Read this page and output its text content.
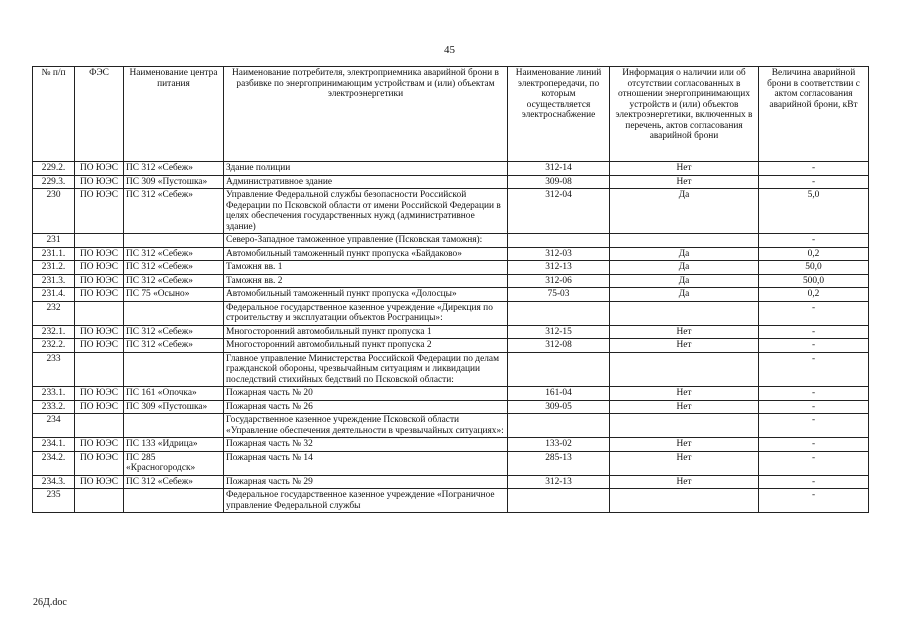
45
№ п/п	ФЭС	Наименование центра питания	Наименование потребителя, электроприемника аварийной брони в разбивке по энергопринимающим устройствам и (или) объектам электроэнергетики	Наименование линий электропередачи, по которым осуществляется электроснабжение	Информация о наличии или об отсутствии согласованных в отношении энергопринимающих устройств и (или) объектов электроэнергетики, включенных в перечень, актов согласования аварийной брони	Величина аварийной брони в соответствии с актом согласования аварийной брони, кВт
229.2.	ПО ЮЭС	ПС 312 «Себеж»	Здание полиции	312-14	Нет	-
229.3.	ПО ЮЭС	ПС 309 «Пустошка»	Административное здание	309-08	Нет	-
230	ПО ЮЭС	ПС 312 «Себеж»	Управление Федеральной службы безопасности Российской Федерации по Псковской области от имени Российской Федерации в целях обеспечения государственных нужд (административное здание)	312-04	Да	5,0
231			Северо-Западное таможенное управление (Псковская таможня):			-
231.1.	ПО ЮЭС	ПС 312 «Себеж»	Автомобильный таможенный пункт пропуска «Байдаково»	312-03	Да	0,2
231.2.	ПО ЮЭС	ПС 312 «Себеж»	Таможня вв. 1	312-13	Да	50,0
231.3.	ПО ЮЭС	ПС 312 «Себеж»	Таможня вв. 2	312-06	Да	500,0
231.4.	ПО ЮЭС	ПС 75 «Осыно»	Автомобильный таможенный пункт пропуска «Долосцы»	75-03	Да	0,2
232			Федеральное государственное казенное учреждение «Дирекция по строительству и эксплуатации объектов Росграницы»:			-
232.1.	ПО ЮЭС	ПС 312 «Себеж»	Многосторонний автомобильный пункт пропуска 1	312-15	Нет	-
232.2.	ПО ЮЭС	ПС 312 «Себеж»	Многосторонний автомобильный пункт пропуска 2	312-08	Нет	-
233			Главное управление Министерства Российской Федерации по делам гражданской обороны, чрезвычайным ситуациям и ликвидации последствий стихийных бедствий по Псковской области:			-
233.1.	ПО ЮЭС	ПС 161 «Опочка»	Пожарная часть № 20	161-04	Нет	-
233.2.	ПО ЮЭС	ПС 309 «Пустошка»	Пожарная часть № 26	309-05	Нет	-
234			Государственное казенное учреждение Псковской области «Управление обеспечения деятельности в чрезвычайных ситуациях»:			-
234.1.	ПО ЮЭС	ПС 133 «Идрица»	Пожарная часть № 32	133-02	Нет	-
234.2.	ПО ЮЭС	ПС 285 «Красногородск»	Пожарная часть № 14	285-13	Нет	-
234.3.	ПО ЮЭС	ПС 312 «Себеж»	Пожарная часть № 29	312-13	Нет	-
235			Федеральное государственное казенное учреждение «Пограничное управление Федеральной службы			-
26Д.doc
